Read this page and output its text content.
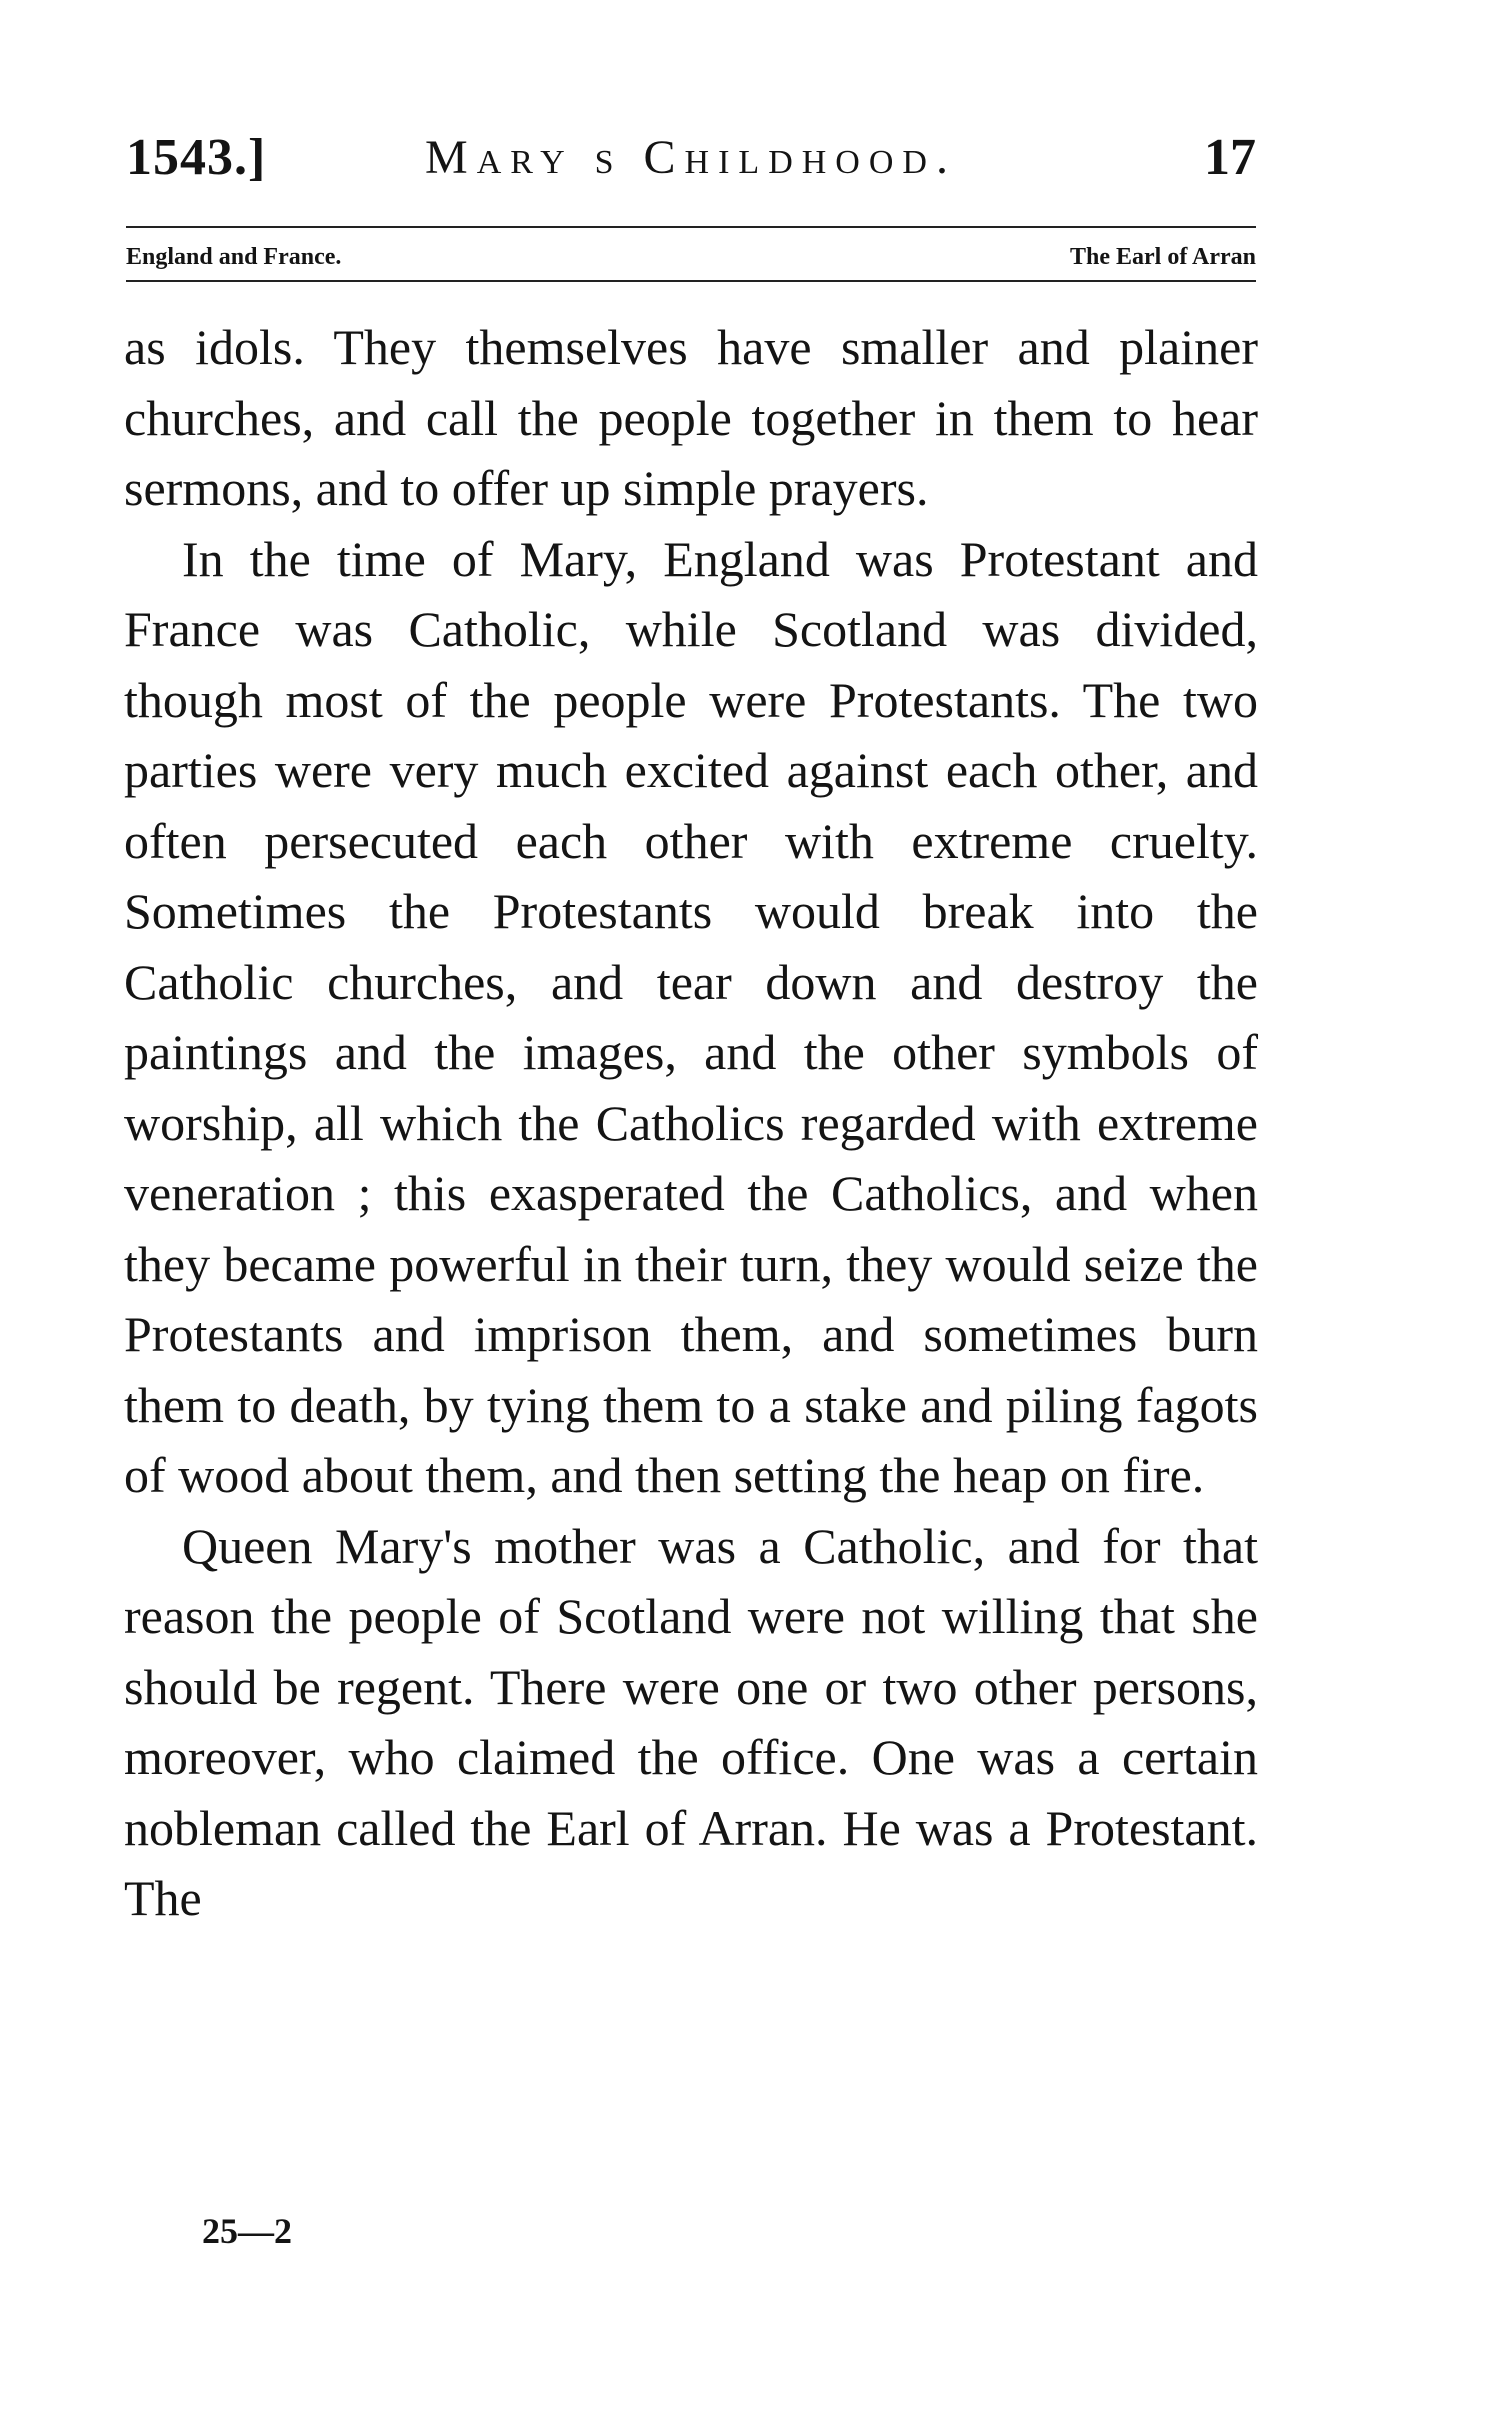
1543.]	Mary s Childhood.	17
England and France.	The Earl of Arran

as idols. They themselves have smaller and plainer churches, and call the people together in them to hear sermons, and to offer up simple prayers.

In the time of Mary, England was Protestant and France was Catholic, while Scotland was divided, though most of the people were Protestants. The two parties were very much excited against each other, and often persecuted each other with extreme cruelty. Sometimes the Protestants would break into the Catholic churches, and tear down and destroy the paintings and the images, and the other symbols of worship, all which the Catholics regarded with extreme veneration ; this exasperated the Catholics, and when they became powerful in their turn, they would seize the Protestants and imprison them, and sometimes burn them to death, by tying them to a stake and piling fagots of wood about them, and then setting the heap on fire.

Queen Mary's mother was a Catholic, and for that reason the people of Scotland were not willing that she should be regent. There were one or two other persons, moreover, who claimed the office. One was a certain nobleman called the Earl of Arran. He was a Protestant. The

25—2
